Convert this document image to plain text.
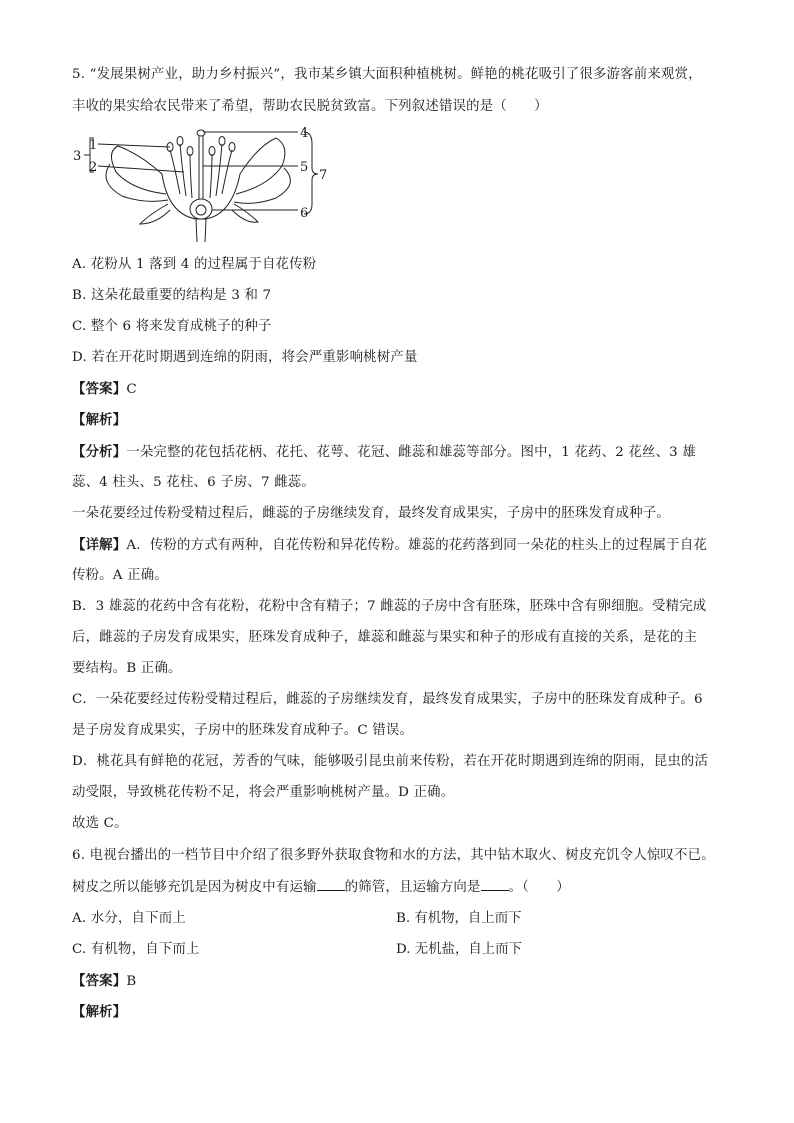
5. “发展果树产业，助力乡村振兴”，我市某乡镇大面积种植桃树。鲜艳的桃花吸引了很多游客前来观赏，
丰收的果实给农民带来了希望，帮助农民脱贫致富。下列叙述错误的是（　　）
1
2
3
4
5
6
7
A. 花粉从 1 落到 4 的过程属于自花传粉
B. 这朵花最重要的结构是 3 和 7
C. 整个 6 将来发育成桃子的种子
D. 若在开花时期遇到连绵的阴雨，将会严重影响桃树产量
【答案】C
【解析】
【分析】一朵完整的花包括花柄、花托、花萼、花冠、雌蕊和雄蕊等部分。图中，1 花药、2 花丝、3 雄
蕊、4 柱头、5 花柱、6 子房、7 雌蕊。
一朵花要经过传粉受精过程后，雌蕊的子房继续发育，最终发育成果实，子房中的胚珠发育成种子。
【详解】A．传粉的方式有两种，自花传粉和异花传粉。雄蕊的花药落到同一朵花的柱头上的过程属于自花
传粉。A 正确。
B．3 雄蕊的花药中含有花粉，花粉中含有精子；7 雌蕊的子房中含有胚珠，胚珠中含有卵细胞。受精完成
后，雌蕊的子房发育成果实，胚珠发育成种子，雄蕊和雌蕊与果实和种子的形成有直接的关系，是花的主
要结构。B 正确。
C．一朵花要经过传粉受精过程后，雌蕊的子房继续发育，最终发育成果实，子房中的胚珠发育成种子。6
是子房发育成果实，子房中的胚珠发育成种子。C 错误。
D．桃花具有鲜艳的花冠，芳香的气味，能够吸引昆虫前来传粉，若在开花时期遇到连绵的阴雨，昆虫的活
动受限，导致桃花传粉不足，将会严重影响桃树产量。D 正确。
故选 C。
6. 电视台播出的一档节目中介绍了很多野外获取食物和水的方法，其中钻木取火、树皮充饥令人惊叹不已。
树皮之所以能够充饥是因为树皮中有运输 的筛管，且运输方向是 。（　　）
A. 水分，自下而上	B. 有机物，自上而下
C. 有机物，自下而上	D. 无机盐，自上而下
【答案】B
【解析】
